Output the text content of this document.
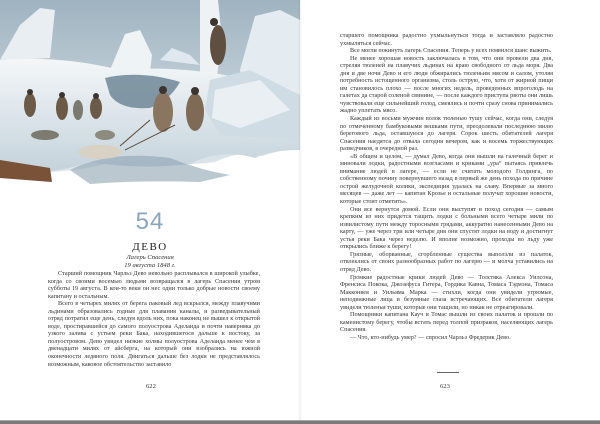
54
ДЕВО
Лагерь Спасения
19 августа 1848 г.

Старший помощник Чарльз Дево невольно расплывался в широкой улыбке, когда со своими восемью людьми возвращался в лагерь Спасения утром субботы 19 августа. В кои-то веки он нес одни только добрые новости своему капитану и остальным.

Всего в четырех милях от берега паковый лед вскрылся, между плавучими льдинами образовались годные для плавания каналы, и разведывательный отряд потратил еще день, следуя вдоль них, пока наконец не вышел к открытой воде, простиравшейся до самого полуострова Аделаида и почти наверняка до узкого залива с устьем реки Бака, находившегося дальше к востоку, за полуостровом. Дево увидел низкие холмы полуострова Аделаида менее чем в двенадцати милях от айсберга, на который они взобрались на южной оконечности ледяного поля. Двигаться дальше без лодки не представлялось возможным, каковое обстоятельство заставило

622

старшего помощника радостно ухмыльнуться тогда и заставляло радостно ухмыляться сейчас.

Все могли покинуть лагерь Спасения. Теперь у всех появился шанс выжить.

Не менее хорошая новость заключалась в том, что они провели два дня, стреляя тюленей на плавучих льдинах на краю свободного от льда моря. Два дня и две ночи Дево и его люди обжирались тюленьим мясом и салом, утоляя потребность истощенного организма, столь острую, что, хотя от жирной пищи им становилось плохо — после многих недель, проведенных впроголодь на галетах да старой соленой свинине, — после каждого приступа рвоты они лишь чувствовали еще сильнейший голод, смеялись и почти сразу снова принимались жадно уплетать мясо.

Каждый из восьми мужчин волок тюленью тушу сейчас, когда они, следуя по отмеченному бамбуковыми вешками пути, преодолевали последнюю милю берегового льда, оставшуюся до лагеря. Сорок шесть обитателей лагеря Спасения наедятся до отвала сегодня вечером, как и восемь торжествующих разведчиков, в очередной раз.

«В общем и целом, — думал Дево, когда они вышли на галечный берег и миновали лодки, радостными возгласами и криками „ура“ пытаясь привлечь внимание людей в лагере, — если не считать молодого Голдинга, по собственному почину повернувшего назад в первый же день похода по причине острой желудочной колики, экспедиция удалась на славу. Впервые за много месяцев — даже лет — капитан Крозье и остальные получат хорошие новости, которые стоит отметить».

Они все вернутся домой. Если они выступят в поход сегодня — самым крепким из них придется тащить лодки с больными всего четыре мили по извилистому пути между торосными грядами, аккуратно нанесенными Дево на карту, — уже через три или четыре дня они спустят лодки на воду и достигнут устья реки Бака через неделю. И вполне возможно, проходы во льду уже открылись ближе к берегу!

Грязные, оборванные, сгорбленные существа выползли из палаток, отвлеклись от своих разнообразных работ по лагерю — и молча уставились на отряд Дево.

Громкие радостные крики людей Дево — Толстяка Алекса Уилсона, Френсиса Покока, Джозефуса Гитера, Гордика Кавна, Томаса Тэдмэна, Томаса Макконвея и Уильяма Марка — стихли, когда они увидели угрюмые, неподвижные лица и безумные глаза встречающих. Все обитатели лагеря увидели тюленьи туши, которые они тащили, но никак не отреагировали.

Помощники капитана Кауч и Томас вышли из своих палаток и прошли по каменистому берегу, чтобы встать перед толпой призраков, населяющих лагерь Спасения.

— Что, кто-нибудь умер? — спросил Чарльз Фредерик Дево.

623
